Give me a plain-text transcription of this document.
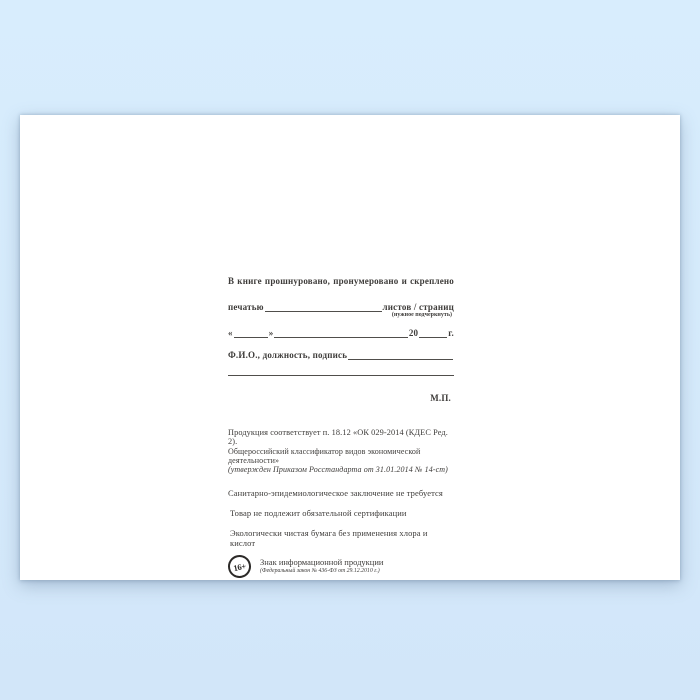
В книге прошнуровано, пронумеровано и скреплено
печатью	листов / страниц
(нужное подчеркнуть)
«	»	20	г.
Ф.И.О., должность, подпись
М.П.
Продукция соответствует п. 18.12 «ОК 029-2014 (КДЕС Ред. 2).
Общероссийский классификатор видов экономической деятельности»
(утвержден Приказом Росстандарта от 31.01.2014 № 14-ст)
Санитарно-эпидемиологическое заключение не требуется
Товар не подлежит обязательной сертификации
Экологически чистая бумага без применения хлора и кислот
16+	Знак информационной продукции
(Федеральный закон № 436-ФЗ от 29.12.2010 г.)
